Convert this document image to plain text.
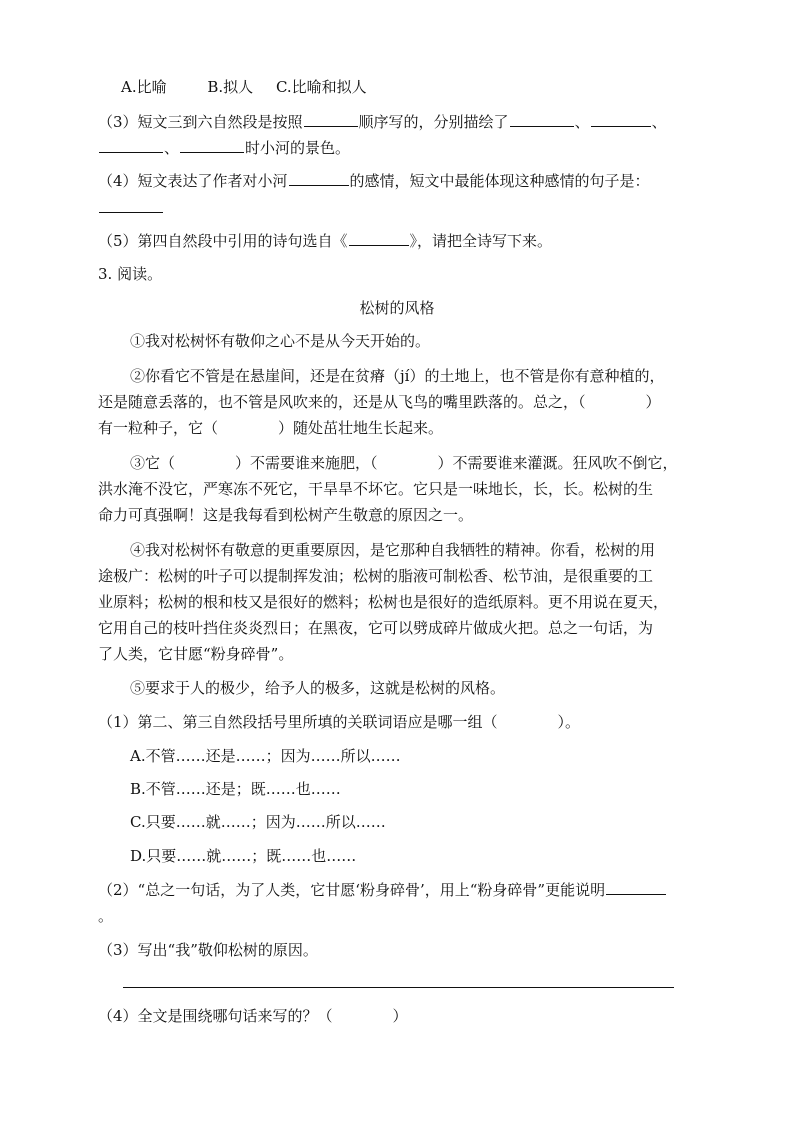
A.比喻	B.拟人 C.比喻和拟人
（3）短文三到六自然段是按照	顺序写的，分别描绘了	、	、
、	时小河的景色。
（4）短文表达了作者对小河	的感情，短文中最能体现这种感情的句子是：
（5）第四自然段中引用的诗句选自《	》，请把全诗写下来。
3. 阅读。
松树的风格
①我对松树怀有敬仰之心不是从今天开始的。
②你看它不管是在悬崖间，还是在贫瘠（jí）的土地上，也不管是你有意种植的，
还是随意丢落的，也不管是风吹来的，还是从飞鸟的嘴里跌落的。总之，（　　　　）
有一粒种子，它（　　　　）随处茁壮地生长起来。
③它（　　　　）不需要谁来施肥，（　　　　）不需要谁来灌溉。狂风吹不倒它，
洪水淹不没它，严寒冻不死它，干旱旱不坏它。它只是一味地长，长，长。松树的生
命力可真强啊！这是我每看到松树产生敬意的原因之一。
④我对松树怀有敬意的更重要原因，是它那种自我牺牲的精神。你看，松树的用
途极广：松树的叶子可以提制挥发油；松树的脂液可制松香、松节油，是很重要的工
业原料；松树的根和枝又是很好的燃料；松树也是很好的造纸原料。更不用说在夏天，
它用自己的枝叶挡住炎炎烈日；在黑夜，它可以劈成碎片做成火把。总之一句话，为
了人类，它甘愿“粉身碎骨”。
⑤要求于人的极少，给予人的极多，这就是松树的风格。
（1）第二、第三自然段括号里所填的关联词语应是哪一组（　　　　）。
A.不管……还是……；因为……所以……
B.不管……还是；既……也……
C.只要……就……；因为……所以……
D.只要……就……；既……也……
（2）“总之一句话，为了人类，它甘愿‘粉身碎骨’，用上“粉身碎骨”更能说明
。
（3）写出“我”敬仰松树的原因。
（4）全文是围绕哪句话来写的？（　　　　）
